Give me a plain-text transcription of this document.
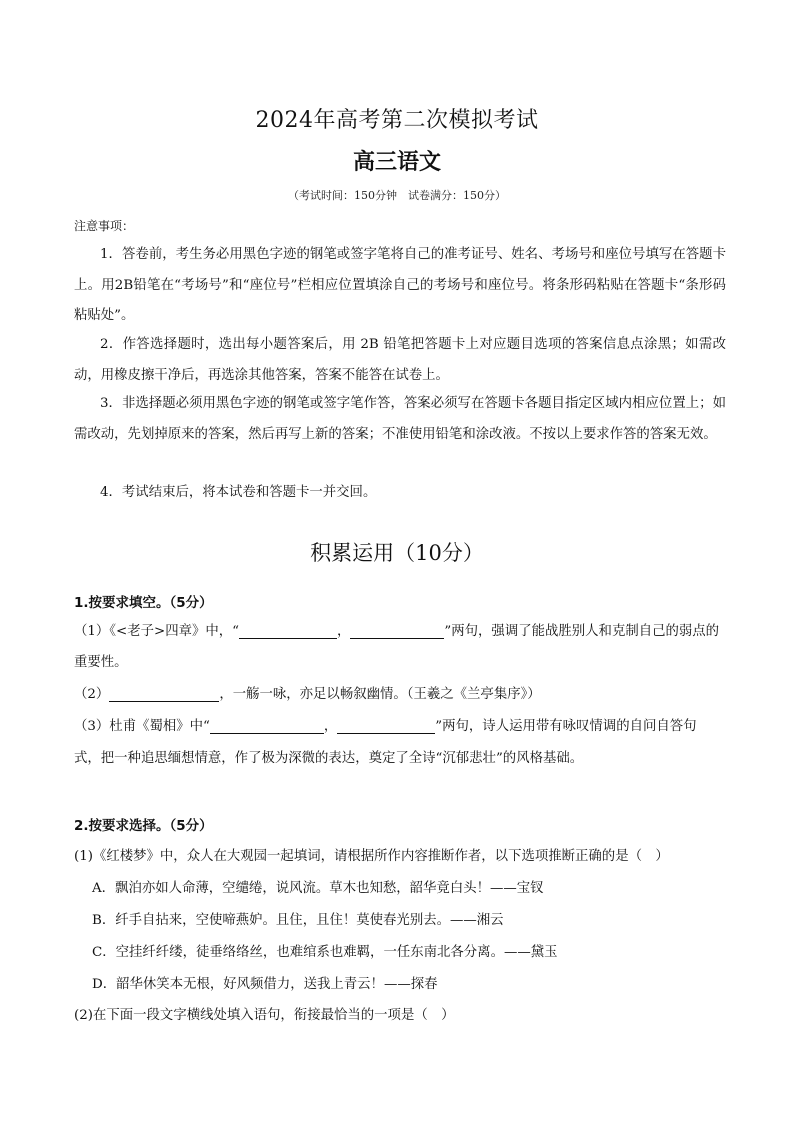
2024年高考第二次模拟考试
高三语文
（考试时间：150分钟　试卷满分：150分）
注意事项：
1．答卷前，考生务必用黑色字迹的钢笔或签字笔将自己的准考证号、姓名、考场号和座位号填写在答题卡上。用2B铅笔在“考场号”和“座位号”栏相应位置填涂自己的考场号和座位号。将条形码粘贴在答题卡“条形码粘贴处”。
2．作答选择题时，选出每小题答案后，用 2B 铅笔把答题卡上对应题目选项的答案信息点涂黑；如需改动，用橡皮擦干净后，再选涂其他答案，答案不能答在试卷上。
3．非选择题必须用黑色字迹的钢笔或签字笔作答，答案必须写在答题卡各题目指定区域内相应位置上；如需改动，先划掉原来的答案，然后再写上新的答案；不准使用铅笔和涂改液。不按以上要求作答的答案无效。
4．考试结束后，将本试卷和答题卡一并交回。
积累运用（10分）
1.按要求填空。（5分）
（1）《<老子>四章》中，“	，	”两句，强调了能战胜别人和克制自己的弱点的
重要性。
（2）	，一觞一咏，亦足以畅叙幽情。（王羲之《兰亭集序》）
（3）杜甫《蜀相》中“	，	”两句，诗人运用带有咏叹情调的自问自答句
式，把一种追思缅想情意，作了极为深微的表达，奠定了全诗“沉郁悲壮”的风格基础。
2.按要求选择。（5分）
(1)《红楼梦》中，众人在大观园一起填词，请根据所作内容推断作者，以下选项推断正确的是（　）
A．飘泊亦如人命薄，空缱绻，说风流。草木也知愁，韶华竟白头！——宝钗
B．纤手自拈来，空使啼燕妒。且住，且住！莫使春光别去。——湘云
C．空挂纤纤缕，徒垂络络丝，也难绾系也难羁，一任东南北各分离。——黛玉
D．韶华休笑本无根，好风频借力，送我上青云！——探春
(2)在下面一段文字横线处填入语句，衔接最恰当的一项是（　）
